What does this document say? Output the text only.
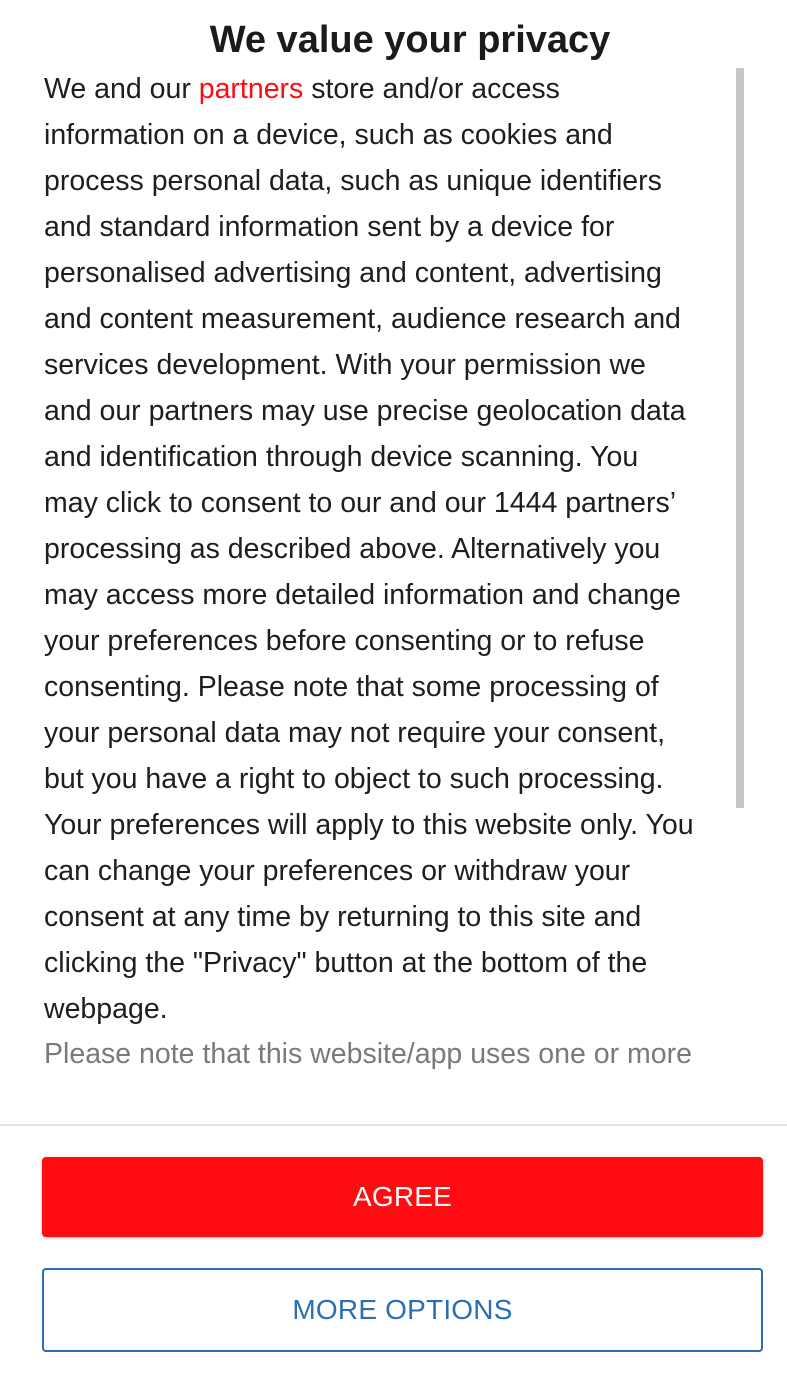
We value your privacy

We and our partners store and/or access
information on a device, such as cookies and
process personal data, such as unique identifiers
and standard information sent by a device for
personalised advertising and content, advertising
and content measurement, audience research and
services development. With your permission we
and our partners may use precise geolocation data
and identification through device scanning. You
may click to consent to our and our 1444 partners’
processing as described above. Alternatively you
may access more detailed information and change
your preferences before consenting or to refuse
consenting. Please note that some processing of
your personal data may not require your consent,
but you have a right to object to such processing.
Your preferences will apply to this website only. You
can change your preferences or withdraw your
consent at any time by returning to this site and
clicking the "Privacy" button at the bottom of the
webpage.

Please note that this website/app uses one or more

AGREE
MORE OPTIONS
